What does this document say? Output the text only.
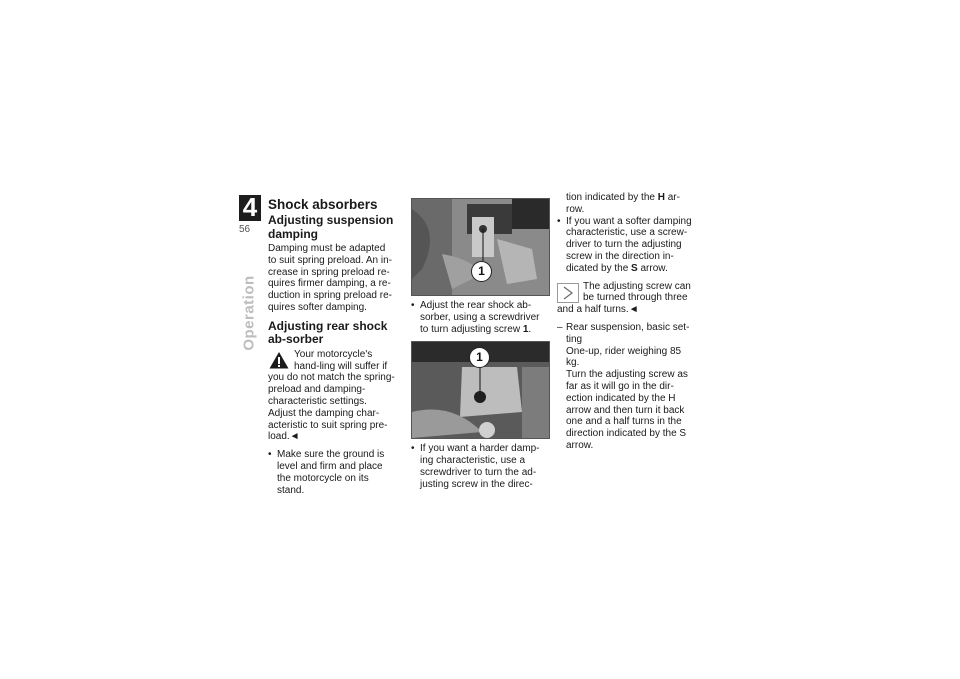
4
56
Operation
Shock absorbers
Adjusting suspension damping

Damping must be adapted to suit spring preload. An in-crease in spring preload re-quires firmer damping, a re-duction in spring preload re-quires softer damping.

Adjusting rear shock ab-sorber

Your motorcycle's hand-ling will suffer if you do not match the spring-preload and damping-characteristic settings.

Adjust the damping char-acteristic to suit spring pre-load.◄

• Make sure the ground is level and firm and place the motorcycle on its stand.
1
• Adjust the rear shock ab-sorber, using a screwdriver to turn adjusting screw 1.
1
• If you want a harder damp-ing characteristic, use a screwdriver to turn the ad-justing screw in the direc-

tion indicated by the H ar-row.

• If you want a softer damping characteristic, use a screw-driver to turn the adjusting screw in the direction in-dicated by the S arrow.

The adjusting screw can be turned through three and a half turns.◄

– Rear suspension, basic set-ting

One-up, rider weighing 85 kg.

Turn the adjusting screw as far as it will go in the dir-ection indicated by the H arrow and then turn it back one and a half turns in the direction indicated by the S arrow.
